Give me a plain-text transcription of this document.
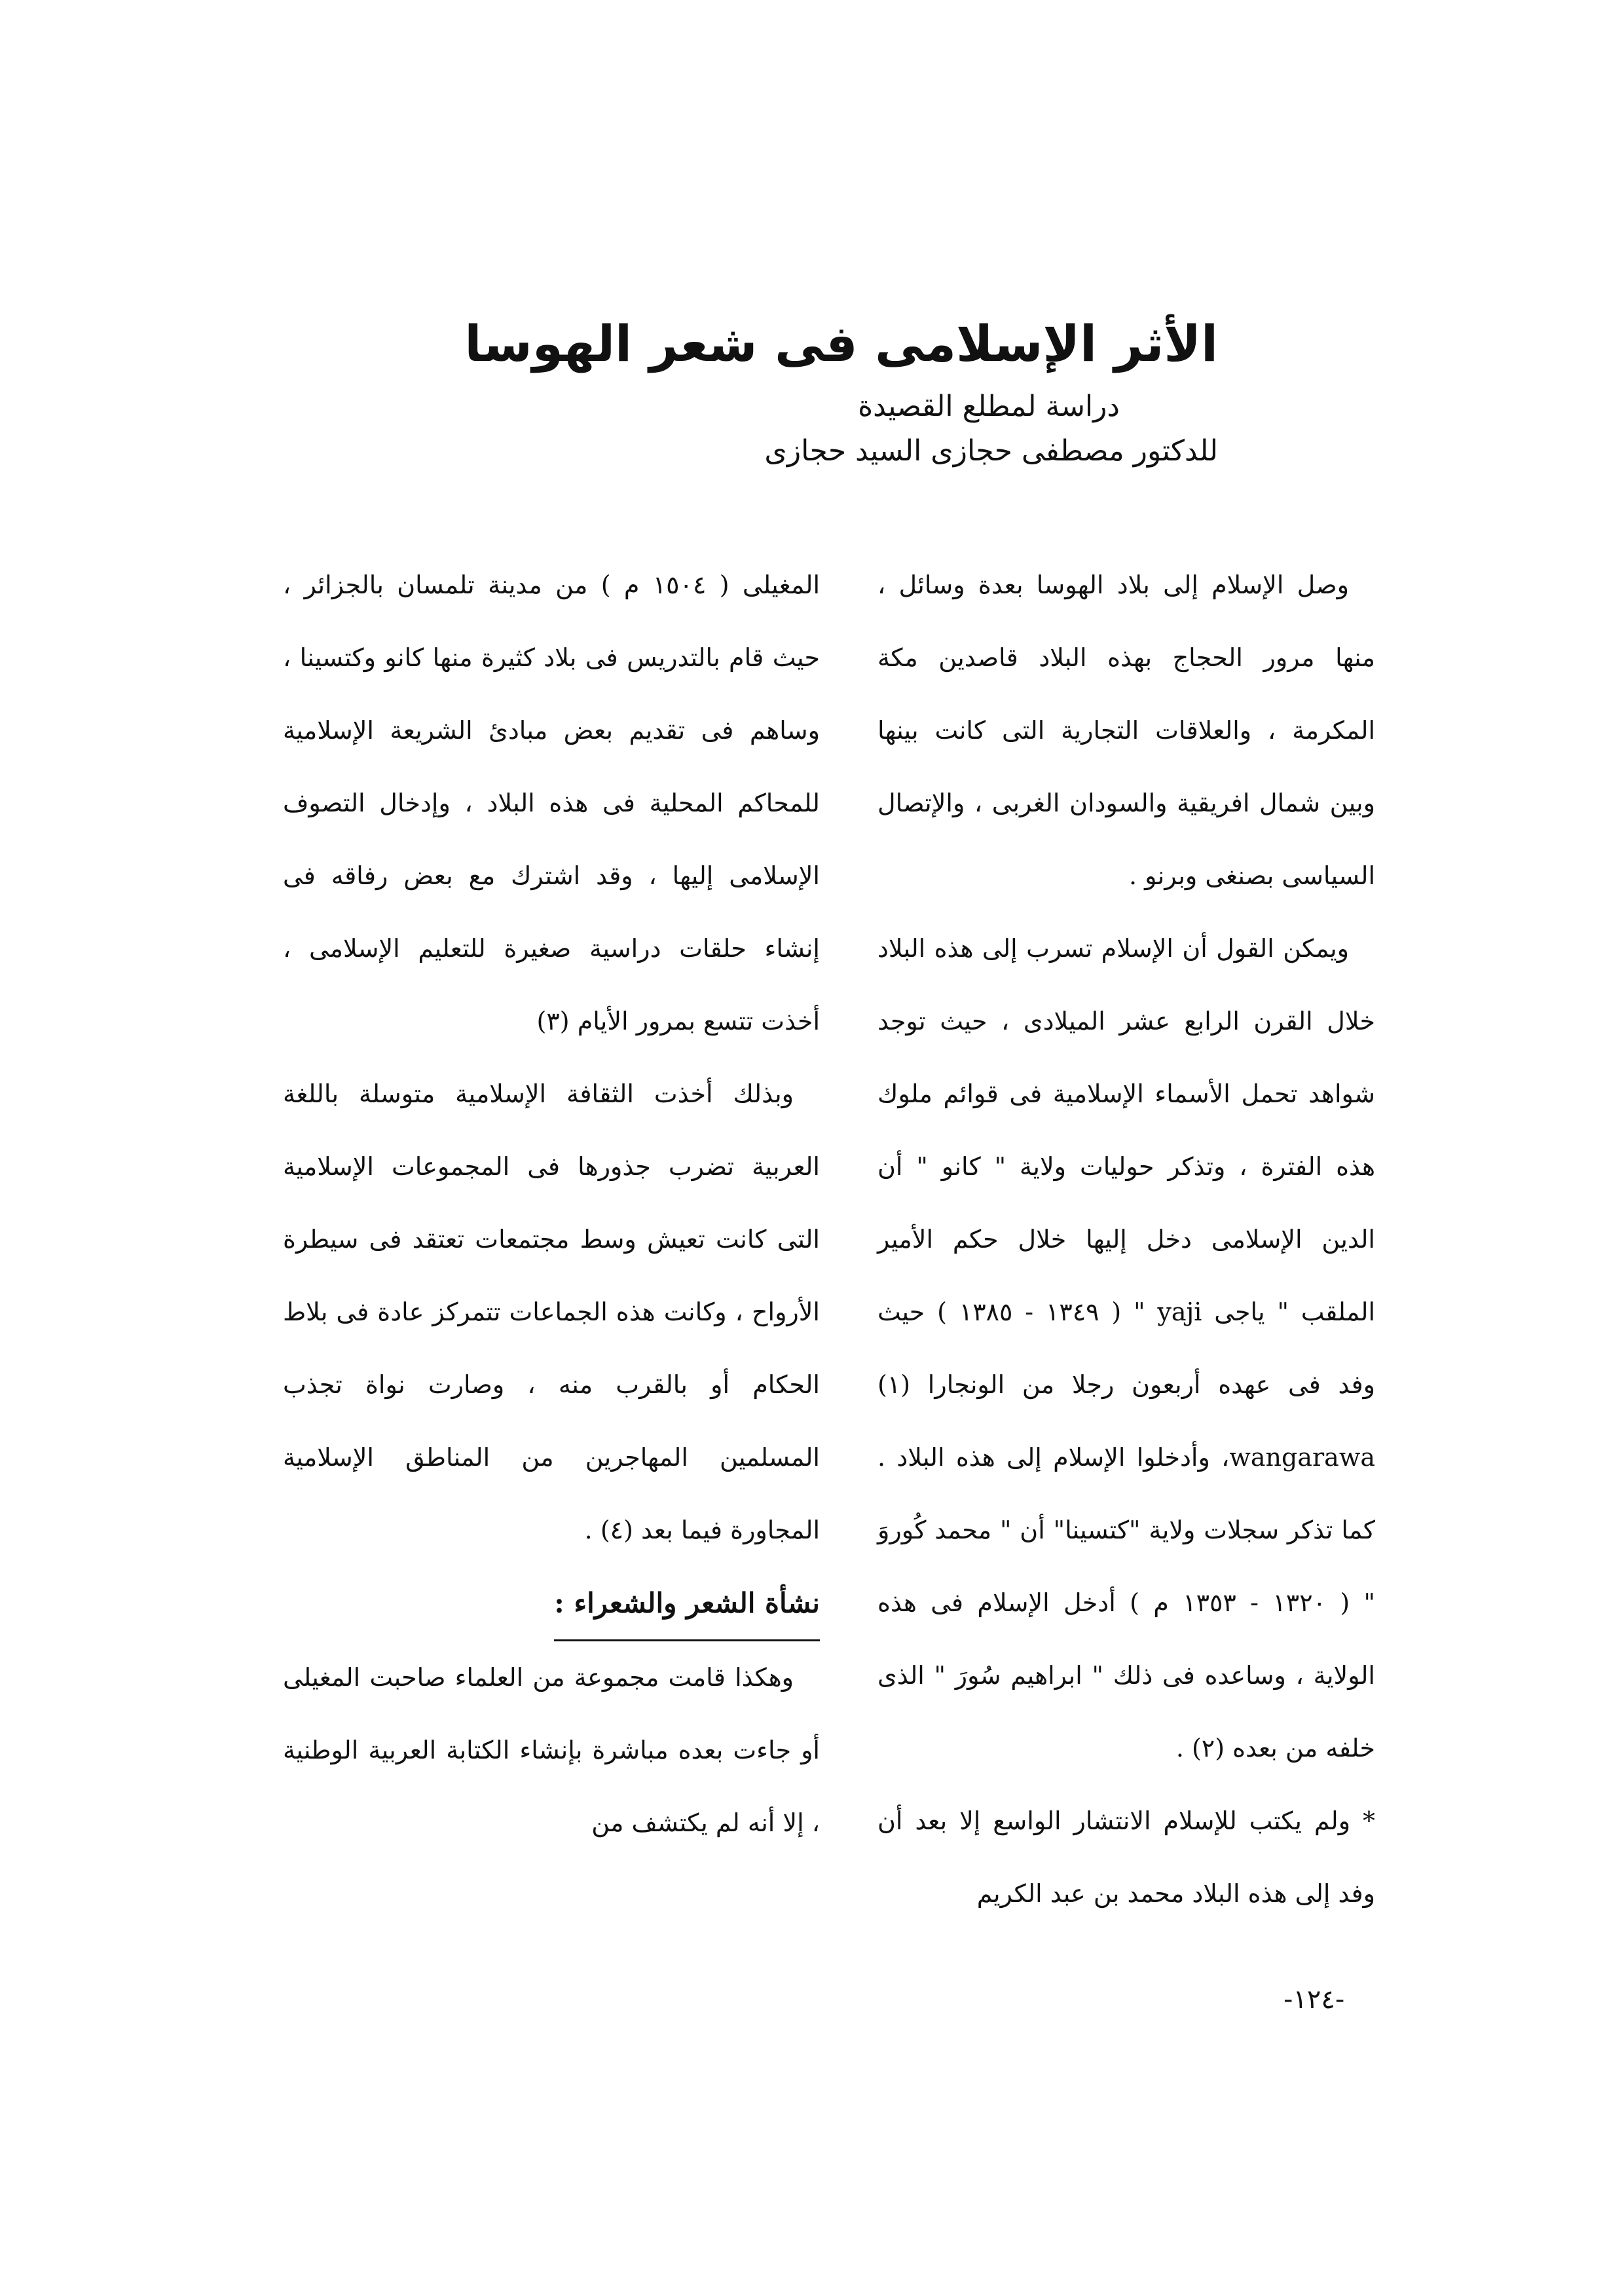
الأثر الإسلامى فى شعر الهوسا
دراسة لمطلع القصيدة
للدكتور مصطفى حجازى السيد حجازى

وصل الإسلام إلى بلاد الهوسا بعدة وسائل ، منها مرور الحجاج بهذه البلاد قاصدين مكة المكرمة ، والعلاقات التجارية التى كانت بينها وبين شمال افريقية والسودان الغربى ، والإتصال السياسى بصنغى وبرنو .

ويمكن القول أن الإسلام تسرب إلى هذه البلاد خلال القرن الرابع عشر الميلادى ، حيث توجد شواهد تحمل الأسماء الإسلامية فى قوائم ملوك هذه الفترة ، وتذكر حوليات ولاية " كانو " أن الدين الإسلامى دخل إليها خلال حكم الأمير الملقب " ياجى yaji " ( ١٣٤٩ - ١٣٨٥ ) حيث وفد فى عهده أربعون رجلا من الونجارا (١) wangarawa، وأدخلوا الإسلام إلى هذه البلاد . كما تذكر سجلات ولاية "كتسينا" أن " محمد كُوروَ " ( ١٣٢٠ - ١٣٥٣ م ) أدخل الإسلام فى هذه الولاية ، وساعده فى ذلك " ابراهيم سُورَ " الذى خلفه من بعده (٢) .

* ولم يكتب للإسلام الانتشار الواسع إلا بعد أن وفد إلى هذه البلاد محمد بن عبد الكريم

المغيلى ( ١٥٠٤ م ) من مدينة تلمسان بالجزائر ، حيث قام بالتدريس فى بلاد كثيرة منها كانو وكتسينا ، وساهم فى تقديم بعض مبادئ الشريعة الإسلامية للمحاكم المحلية فى هذه البلاد ، وإدخال التصوف الإسلامى إليها ، وقد اشترك مع بعض رفاقه فى إنشاء حلقات دراسية صغيرة للتعليم الإسلامى ، أخذت تتسع بمرور الأيام (٣)

وبذلك أخذت الثقافة الإسلامية متوسلة باللغة العربية تضرب جذورها فى المجموعات الإسلامية التى كانت تعيش وسط مجتمعات تعتقد فى سيطرة الأرواح ، وكانت هذه الجماعات تتمركز عادة فى بلاط الحكام أو بالقرب منه ، وصارت نواة تجذب المسلمين المهاجرين من المناطق الإسلامية المجاورة فيما بعد (٤) .

نشأة الشعر والشعراء :

وهكذا قامت مجموعة من العلماء صاحبت المغيلى أو جاءت بعده مباشرة بإنشاء الكتابة العربية الوطنية ، إلا أنه لم يكتشف من

-١٢٤-
